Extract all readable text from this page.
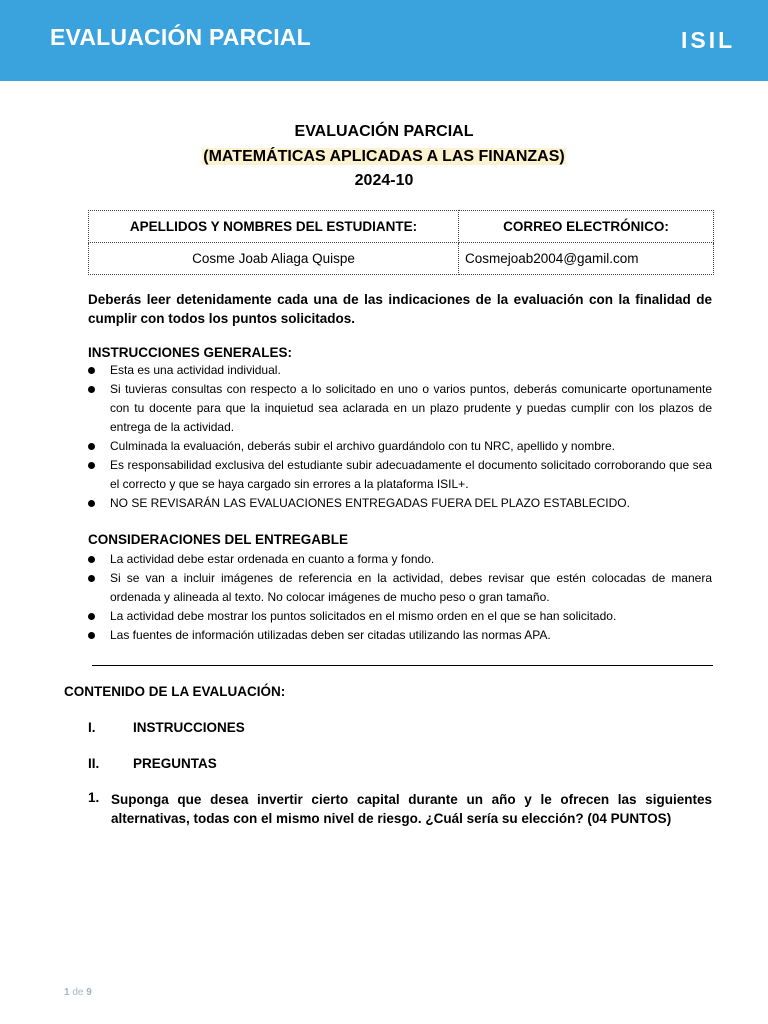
EVALUACIÓN PARCIAL	ISIL
EVALUACIÓN PARCIAL
(MATEMÁTICAS APLICADAS A LAS FINANZAS)
2024-10
APELLIDOS Y NOMBRES DEL ESTUDIANTE:	CORREO ELECTRÓNICO:
Cosme Joab Aliaga Quispe	Cosmejoab2004@gamil.com
Deberás leer detenidamente cada una de las indicaciones de la evaluación con la finalidad de cumplir con todos los puntos solicitados.
INSTRUCCIONES GENERALES:
Esta es una actividad individual.
Si tuvieras consultas con respecto a lo solicitado en uno o varios puntos, deberás comunicarte oportunamente con tu docente para que la inquietud sea aclarada en un plazo prudente y puedas cumplir con los plazos de entrega de la actividad.
Culminada la evaluación, deberás subir el archivo guardándolo con tu NRC, apellido y nombre.
Es responsabilidad exclusiva del estudiante subir adecuadamente el documento solicitado corroborando que sea el correcto y que se haya cargado sin errores a la plataforma ISIL+.
NO SE REVISARÁN LAS EVALUACIONES ENTREGADAS FUERA DEL PLAZO ESTABLECIDO.
CONSIDERACIONES DEL ENTREGABLE
La actividad debe estar ordenada en cuanto a forma y fondo.
Si se van a incluir imágenes de referencia en la actividad, debes revisar que estén colocadas de manera ordenada y alineada al texto. No colocar imágenes de mucho peso o gran tamaño.
La actividad debe mostrar los puntos solicitados en el mismo orden en el que se han solicitado.
Las fuentes de información utilizadas deben ser citadas utilizando las normas APA.
CONTENIDO DE LA EVALUACIÓN:
I.	INSTRUCCIONES
II. PREGUNTAS
1. Suponga que desea invertir cierto capital durante un año y le ofrecen las siguientes alternativas, todas con el mismo nivel de riesgo. ¿Cuál sería su elección? (04 PUNTOS)
1 de 9
